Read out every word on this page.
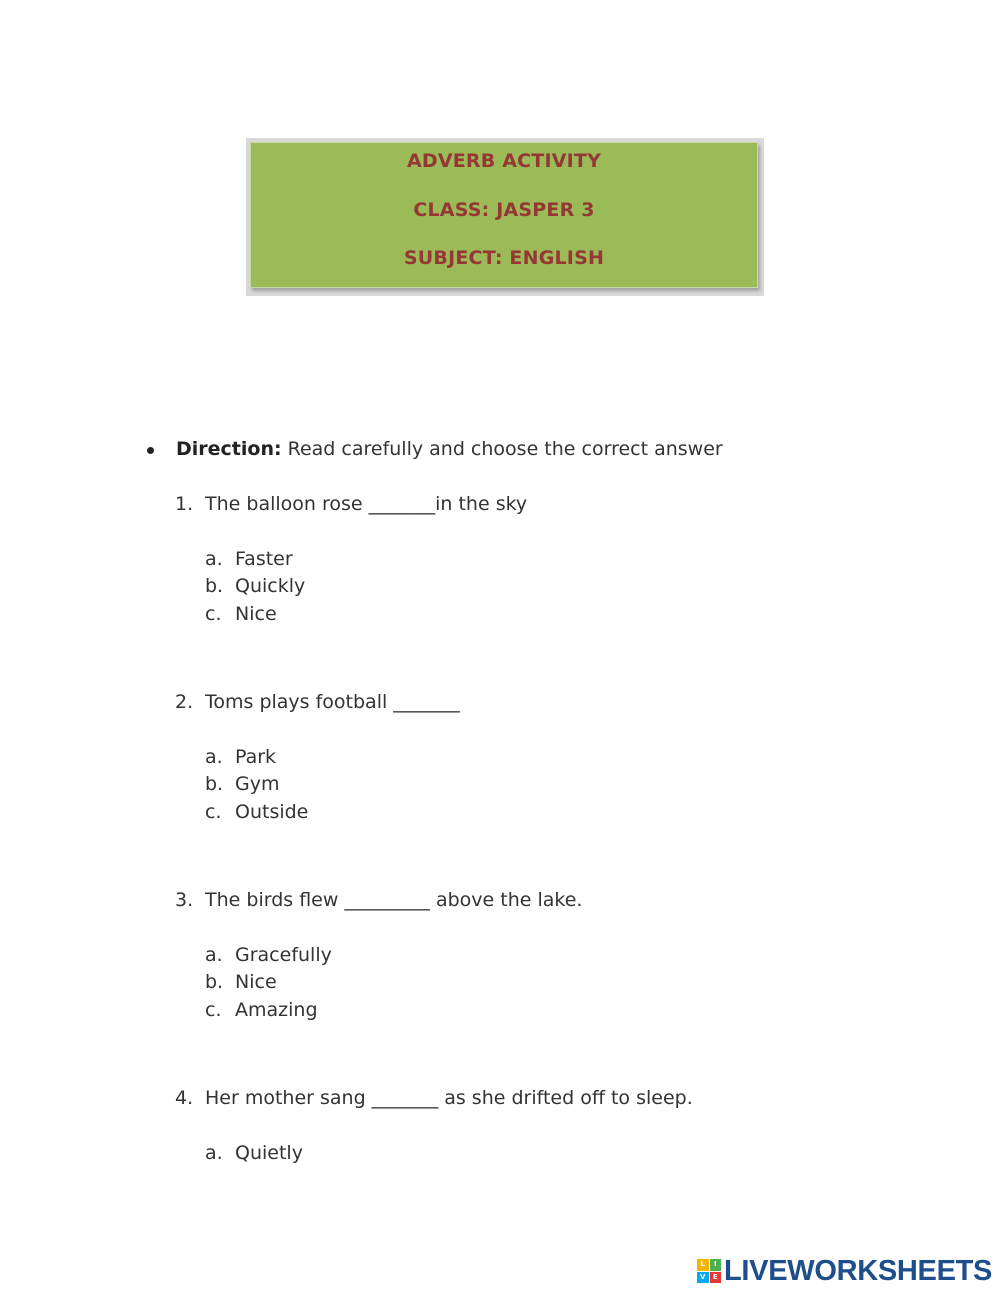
ADVERB ACTIVITY
CLASS: JASPER 3
SUBJECT: ENGLISH
Direction: Read carefully and choose the correct answer
1. The balloon rose _______in the sky
a. Faster
b. Quickly
c. Nice
2. Toms plays football _______
a. Park
b. Gym
c. Outside
3. The birds flew _________ above the lake.
a. Gracefully
b. Nice
c. Amazing
4. Her mother sang _______ as she drifted off to sleep.
a. Quietly
L	I
V	E LIVEWORKSHEETS
